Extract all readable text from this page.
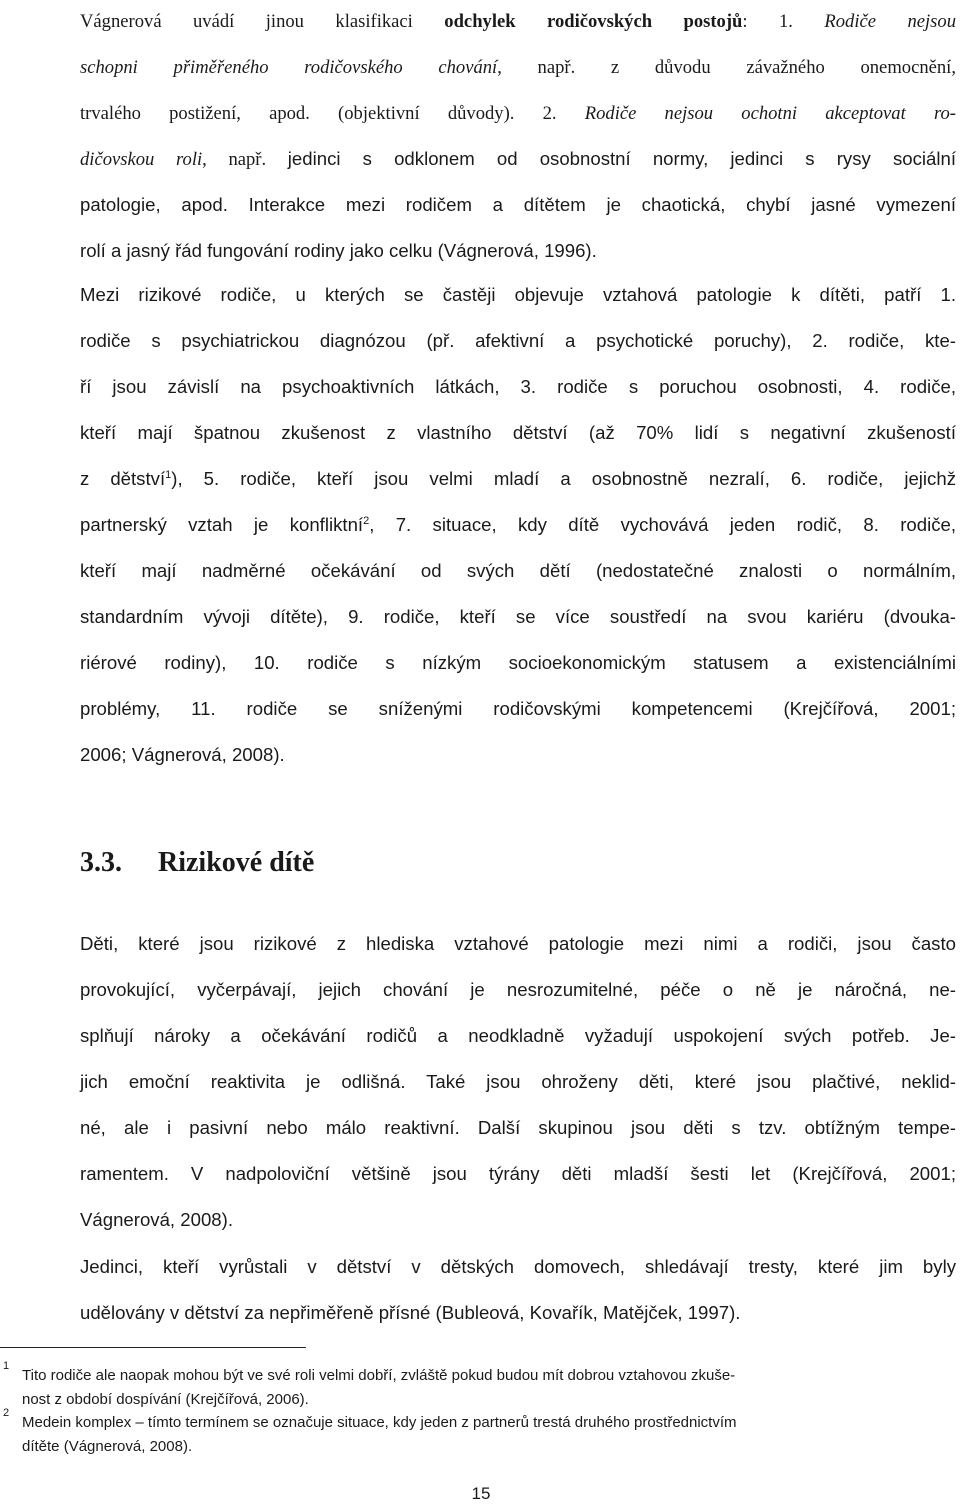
Vágnerová uvádí jinou klasifikaci odchylek rodičovských postojů: 1. Rodiče nejsou
schopni přiměřeného rodičovského chování, např. z důvodu závažného onemocnění,
trvalého postižení, apod. (objektivní důvody). 2. Rodiče nejsou ochotni akceptovat ro-
dičovskou roli, např. jedinci s odklonem od osobnostní normy, jedinci s rysy sociální
patologie, apod. Interakce mezi rodičem a dítětem je chaotická, chybí jasné vymezení
rolí a jasný řád fungování rodiny jako celku (Vágnerová, 1996).
Mezi rizikové rodiče, u kterých se častěji objevuje vztahová patologie k dítěti, patří 1.
rodiče s psychiatrickou diagnózou (př. afektivní a psychotické poruchy), 2. rodiče, kte-
ří jsou závislí na psychoaktivních látkách, 3. rodiče s poruchou osobnosti, 4. rodiče,
kteří mají špatnou zkušenost z vlastního dětství (až 70% lidí s negativní zkušeností
z dětství$^1$), 5. rodiče, kteří jsou velmi mladí a osobnostně nezralí, 6. rodiče, jejichž
partnerský vztah je konfliktní$^2$, 7. situace, kdy dítě vychovává jeden rodič, 8. rodiče,
kteří mají nadměrné očekávání od svých dětí (nedostatečné znalosti o normálním,
standardním vývoji dítěte), 9. rodiče, kteří se více soustředí na svou kariéru (dvouka-
riérové rodiny), 10. rodiče s nízkým socioekonomickým statusem a existenciálními
problémy, 11. rodiče se sníženými rodičovskými kompetencemi (Krejčířová, 2001;
2006; Vágnerová, 2008).
3.3. Rizikové dítě
Děti, které jsou rizikové z hlediska vztahové patologie mezi nimi a rodiči, jsou často
provokující, vyčerpávají, jejich chování je nesrozumitelné, péče o ně je náročná, ne-
splňují nároky a očekávání rodičů a neodkladně vyžadují uspokojení svých potřeb. Je-
jich emoční reaktivita je odlišná. Také jsou ohroženy děti, které jsou plačtivé, neklid-
né, ale i pasivní nebo málo reaktivní. Další skupinou jsou děti s tzv. obtížným tempe-
ramentem. V nadpoloviční většině jsou týrány děti mladší šesti let (Krejčířová, 2001;
Vágnerová, 2008).
Jedinci, kteří vyrůstali v dětství v dětských domovech, shledávají tresty, které jim byly
udělovány v dětství za nepřiměřeně přísné (Bubleová, Kovařík, Matějček, 1997).
1
Tito rodiče ale naopak mohou být ve své roli velmi dobří, zvláště pokud budou mít dobrou vztahovou zkuše-
nost z období dospívání (Krejčířová, 2006).
2
Medein komplex – tímto termínem se označuje situace, kdy jeden z partnerů trestá druhého prostřednictvím
dítěte (Vágnerová, 2008).
15
